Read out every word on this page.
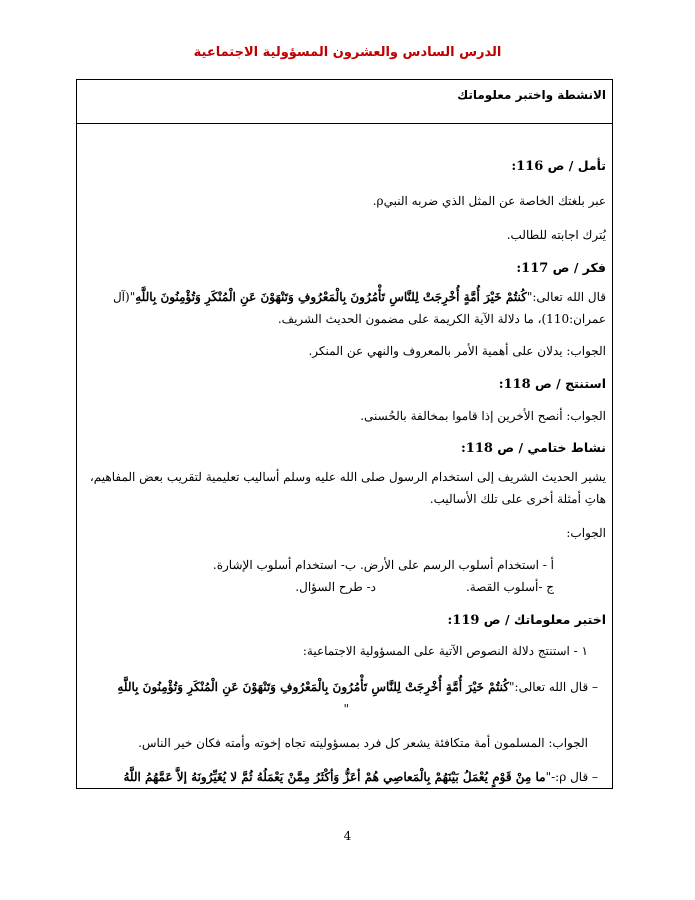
الدرس السادس والعشرون المسؤولية الاجتماعية
الانشطة واختبر معلوماتك
تأمل / ص 116:
عبر بلغتك الخاصة عن المثل الذي ضربه النبيρ.
يُترك اجابته للطالب.
فكر / ص 117:
قال الله تعالى:"كُنتُمْ خَيْرَ أُمَّةٍ أُخْرِجَتْ لِلنَّاسِ تَأْمُرُونَ بِالْمَعْرُوفِ وَتَنْهَوْنَ عَنِ الْمُنْكَرِ وَتُؤْمِنُونَ بِاللَّهِ"(آل
عمران:110)، ما دلالة الآية الكريمة على مضمون الحديث الشريف.
الجواب: يدلان على أهمية الأمر بالمعروف والنهي عن المنكر.
استنتج / ص 118:
الجواب: أنصح الأخرين إذا قاموا بمخالفة بالحُسنى.
نشاط ختامي / ص 118:
يشير الحديث الشريف إلى استخدام الرسول صلى الله عليه وسلم أساليب تعليمية لتقريب بعض المفاهيم،
هاتِ أمثلة أخرى على تلك الأساليب.
الجواب:
أ - استخدام أسلوب الرسم على الأرض. ب- استخدام أسلوب الإشارة.
ج -أسلوب القصة.
د- طرح السؤال.
اختبر معلوماتك / ص 119:
١ - استنتج دلالة النصوص الآتية على المسؤولية الاجتماعية:
– قال الله تعالى:"كُنتُمْ خَيْرَ أُمَّةٍ أُخْرِجَتْ لِلنَّاسِ تَأْمُرُونَ بِالْمَعْرُوفِ وَتَنْهَوْنَ عَنِ الْمُنْكَرِ وَتُؤْمِنُونَ بِاللَّهِ
"
الجواب: المسلمون أمة متكافئة يشعر كل فرد بمسؤوليته تجاه إخوته وأمته فكان خير الناس.
– قال ρ:-"ما مِنْ قَوْمٍ يُعْمَلُ بَيْنَهُمْ بِالْمَعاصِي هُمْ أعَزُّ وَأكْثَرُ مِمَّنْ يَعْمَلُهُ ثُمَّ لا يُغَيِّرُونَهُ إلاَّ عَمَّهُمُ اللَّهُ
4
